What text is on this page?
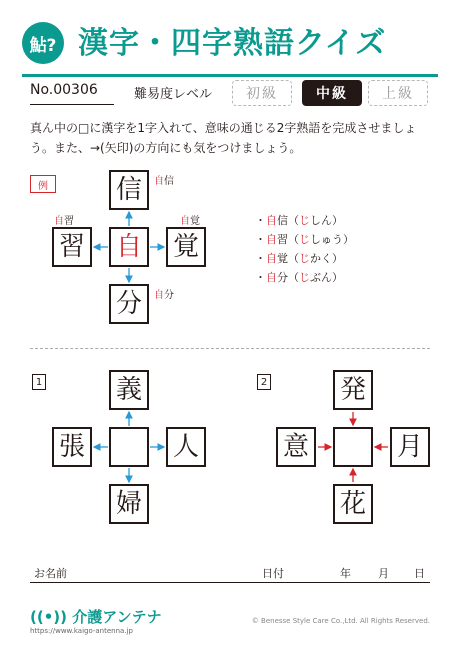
鮎? 漢字・四字熟語クイズ
No.00306	難易度レベル	初級	中級	上級
真ん中の□に漢字を1字入れて、意味の通じる2字熟語を完成させましょう。また、→(矢印)の方向にも気をつけましょう。
例	信
習 自 覚
分
自信
自習	自覚
自分
・自信（じしん）
・自習（じしゅう）
・自覚（じかく）
・自分（じぶん）
1	義
張	人
婦
2	発
意	月
花
お名前	日付	年 月 日
((•)) 介護アンテナ
https://www.kaigo-antenna.jp
© Benesse Style Care Co.,Ltd. All Rights Reserved.
